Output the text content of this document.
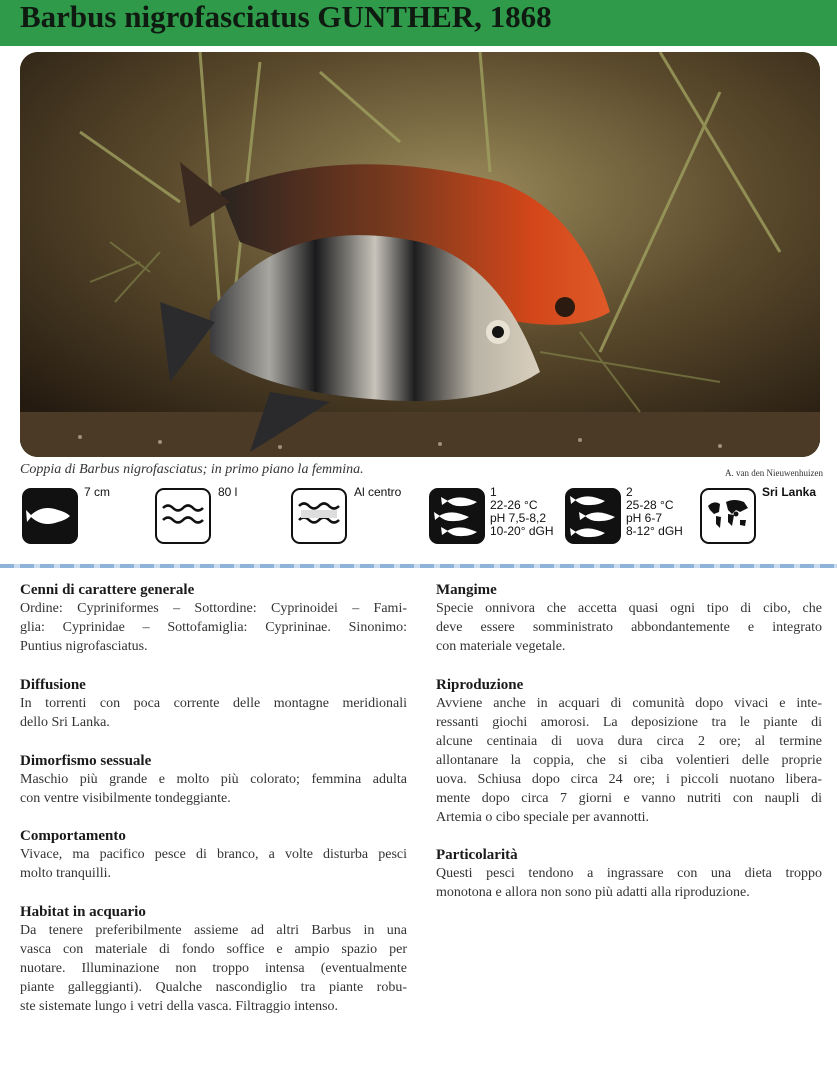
Barbus nigrofasciatus GUNTHER, 1868
Coppia di Barbus nigrofasciatus; in primo piano la femmina.	A. van den Nieuwenhuizen
7 cm	80 l	Al centro	1
22-26 °C
pH 7,5-8,2
10-20° dGH
2
25-28 °C
pH 6-7
8-12° dGH
Sri Lanka

Cenni di carattere generale

Ordine: Cypriniformes – Sottordine: Cyprinoidei – Fami-
glia: Cyprinidae – Sottofamiglia: Cyprininae. Sinonimo:
Puntius nigrofasciatus.

Diffusione

In torrenti con poca corrente delle montagne meridionali
dello Sri Lanka.

Dimorfismo sessuale

Maschio più grande e molto più colorato; femmina adulta
con ventre visibilmente tondeggiante.

Comportamento

Vivace, ma pacifico pesce di branco, a volte disturba pesci
molto tranquilli.

Habitat in acquario

Da tenere preferibilmente assieme ad altri Barbus in una
vasca con materiale di fondo soffice e ampio spazio per
nuotare. Illuminazione non troppo intensa (eventualmente
piante galleggianti). Qualche nascondiglio tra piante robu-
ste sistemate lungo i vetri della vasca. Filtraggio intenso.

Mangime

Specie onnivora che accetta quasi ogni tipo di cibo, che
deve essere somministrato abbondantemente e integrato
con materiale vegetale.

Riproduzione

Avviene anche in acquari di comunità dopo vivaci e inte-
ressanti giochi amorosi. La deposizione tra le piante di
alcune centinaia di uova dura circa 2 ore; al termine
allontanare la coppia, che si ciba volentieri delle proprie
uova. Schiusa dopo circa 24 ore; i piccoli nuotano libera-
mente dopo circa 7 giorni e vanno nutriti con naupli di
Artemia o cibo speciale per avannotti.

Particolarità

Questi pesci tendono a ingrassare con una dieta troppo
monotona e allora non sono più adatti alla riproduzione.
